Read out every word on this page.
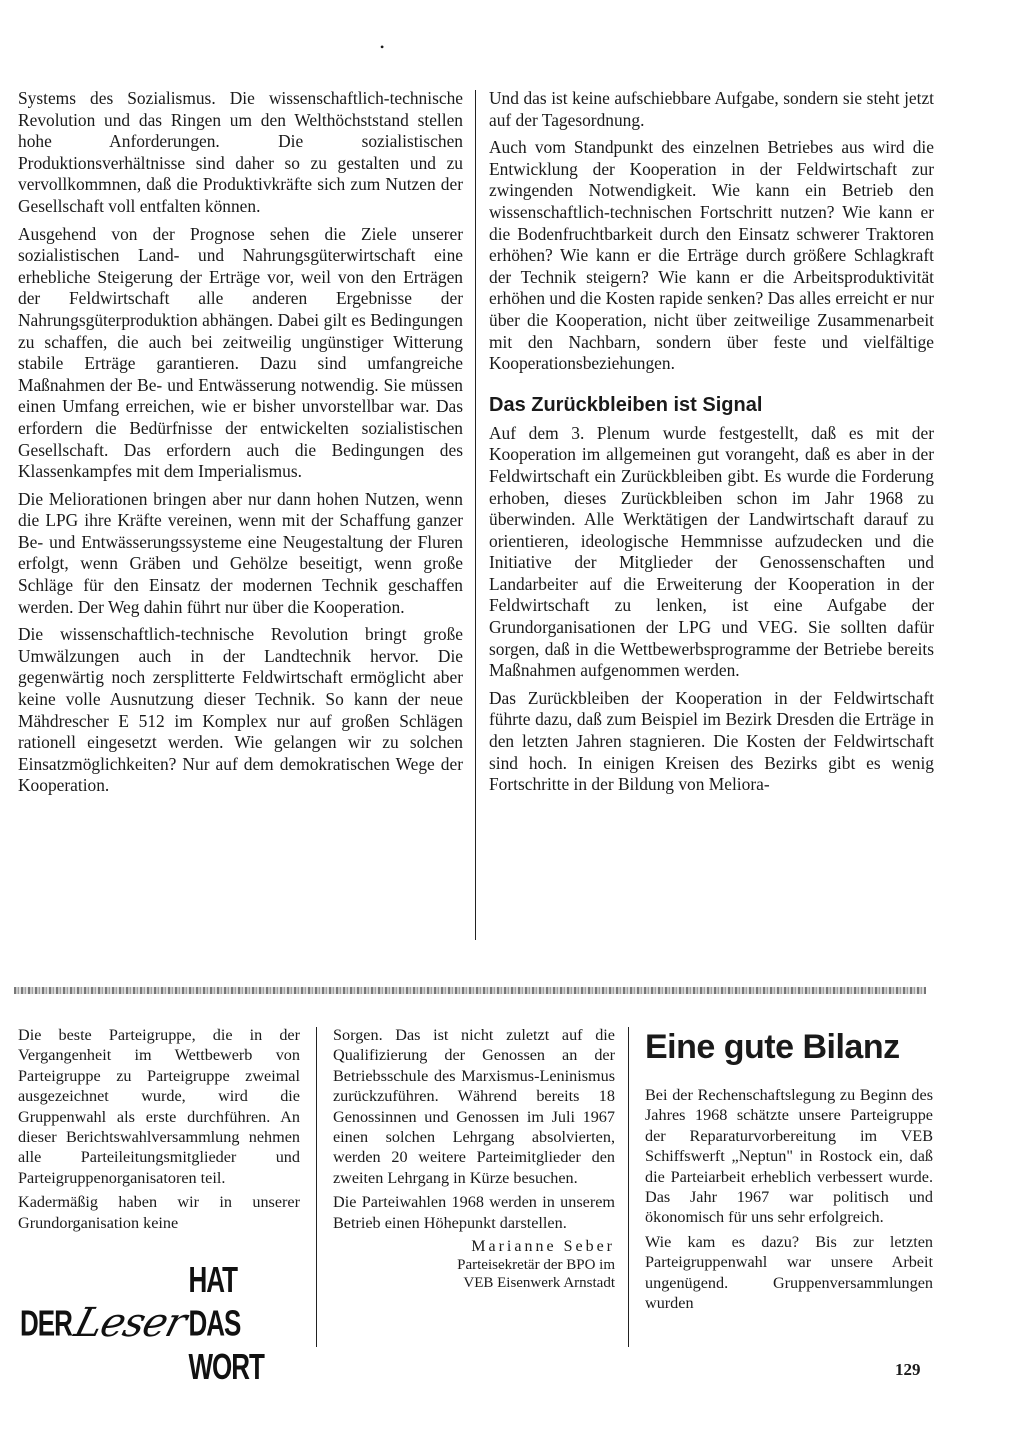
•

Systems des Sozialismus. Die wissenschaftlich-technische Revolution und das Ringen um den Welthöchststand stellen hohe Anforderungen. Die sozialistischen Produktionsverhältnisse sind daher so zu gestalten und zu vervollkommnen, daß die Produktivkräfte sich zum Nutzen der Gesellschaft voll entfalten können.

Ausgehend von der Prognose sehen die Ziele unserer sozialistischen Land- und Nahrungsgüterwirtschaft eine erhebliche Steigerung der Erträge vor, weil von den Erträgen der Feldwirtschaft alle anderen Ergebnisse der Nahrungsgüterproduktion abhängen. Dabei gilt es Bedingungen zu schaffen, die auch bei zeitweilig ungünstiger Witterung stabile Erträge garantieren. Dazu sind umfangreiche Maßnahmen der Be- und Entwässerung notwendig. Sie müssen einen Umfang erreichen, wie er bisher unvorstellbar war. Das erfordern die Bedürfnisse der entwickelten sozialistischen Gesellschaft. Das erfordern auch die Bedingungen des Klassenkampfes mit dem Imperialismus.

Die Meliorationen bringen aber nur dann hohen Nutzen, wenn die LPG ihre Kräfte vereinen, wenn mit der Schaffung ganzer Be- und Entwässerungssysteme eine Neugestaltung der Fluren erfolgt, wenn Gräben und Gehölze beseitigt, wenn große Schläge für den Einsatz der modernen Technik geschaffen werden. Der Weg dahin führt nur über die Kooperation.

Die wissenschaftlich-technische Revolution bringt große Umwälzungen auch in der Landtechnik hervor. Die gegenwärtig noch zersplitterte Feldwirtschaft ermöglicht aber keine volle Ausnutzung dieser Technik. So kann der neue Mähdrescher E 512 im Komplex nur auf großen Schlägen rationell eingesetzt werden. Wie gelangen wir zu solchen Einsatzmöglichkeiten? Nur auf dem demokratischen Wege der Kooperation.

Und das ist keine aufschiebbare Aufgabe, sondern sie steht jetzt auf der Tagesordnung.

Auch vom Standpunkt des einzelnen Betriebes aus wird die Entwicklung der Kooperation in der Feldwirtschaft zur zwingenden Notwendigkeit. Wie kann ein Betrieb den wissenschaftlich-technischen Fortschritt nutzen? Wie kann er die Bodenfruchtbarkeit durch den Einsatz schwerer Traktoren erhöhen? Wie kann er die Erträge durch größere Schlagkraft der Technik steigern? Wie kann er die Arbeitsproduktivität erhöhen und die Kosten rapide senken? Das alles erreicht er nur über die Kooperation, nicht über zeitweilige Zusammenarbeit mit den Nachbarn, sondern über feste und vielfältige Kooperationsbeziehungen.

Das Zurückbleiben ist Signal

Auf dem 3. Plenum wurde festgestellt, daß es mit der Kooperation im allgemeinen gut vorangeht, daß es aber in der Feldwirtschaft ein Zurückbleiben gibt. Es wurde die Forderung erhoben, dieses Zurückbleiben schon im Jahr 1968 zu überwinden. Alle Werktätigen der Landwirtschaft darauf zu orientieren, ideologische Hemmnisse aufzudecken und die Initiative der Mitglieder der Genossenschaften und Landarbeiter auf die Erweiterung der Kooperation in der Feldwirtschaft zu lenken, ist eine Aufgabe der Grundorganisationen der LPG und VEG. Sie sollten dafür sorgen, daß in die Wettbewerbsprogramme der Betriebe bereits Maßnahmen aufgenommen werden.

Das Zurückbleiben der Kooperation in der Feldwirtschaft führte dazu, daß zum Beispiel im Bezirk Dresden die Erträge in den letzten Jahren stagnieren. Die Kosten der Feldwirtschaft sind hoch. In einigen Kreisen des Bezirks gibt es wenig Fortschritte in der Bildung von Meliora-

Die beste Parteigruppe, die in der Vergangenheit im Wettbewerb von Parteigruppe zu Parteigruppe zweimal ausgezeichnet wurde, wird die Gruppenwahl als erste durchführen. An dieser Berichtswahlversammlung nehmen alle Parteileitungsmitglieder und Parteigruppenorganisatoren teil.

Kadermäßig haben wir in unserer Grundorganisation keine

DER
Leser
HAT DAS WORT

Sorgen. Das ist nicht zuletzt auf die Qualifizierung der Genossen an der Betriebsschule des Marxismus-Leninismus zurückzuführen. Während bereits 18 Genossinnen und Genossen im Juli 1967 einen solchen Lehrgang absolvierten, werden 20 weitere Parteimitglieder den zweiten Lehrgang in Kürze besuchen.

Die Parteiwahlen 1968 werden in unserem Betrieb einen Höhepunkt darstellen.

Marianne Seber
Parteisekretär der BPO im
VEB Eisenwerk Arnstadt
Eine gute Bilanz

Bei der Rechenschaftslegung zu Beginn des Jahres 1968 schätzte unsere Parteigruppe der Reparaturvorbereitung im VEB Schiffswerft „Neptun" in Rostock ein, daß die Parteiarbeit erheblich verbessert wurde. Das Jahr 1967 war politisch und ökonomisch für uns sehr erfolgreich.

Wie kam es dazu? Bis zur letzten Parteigruppenwahl war unsere Arbeit ungenügend. Gruppenversammlungen wurden

129
